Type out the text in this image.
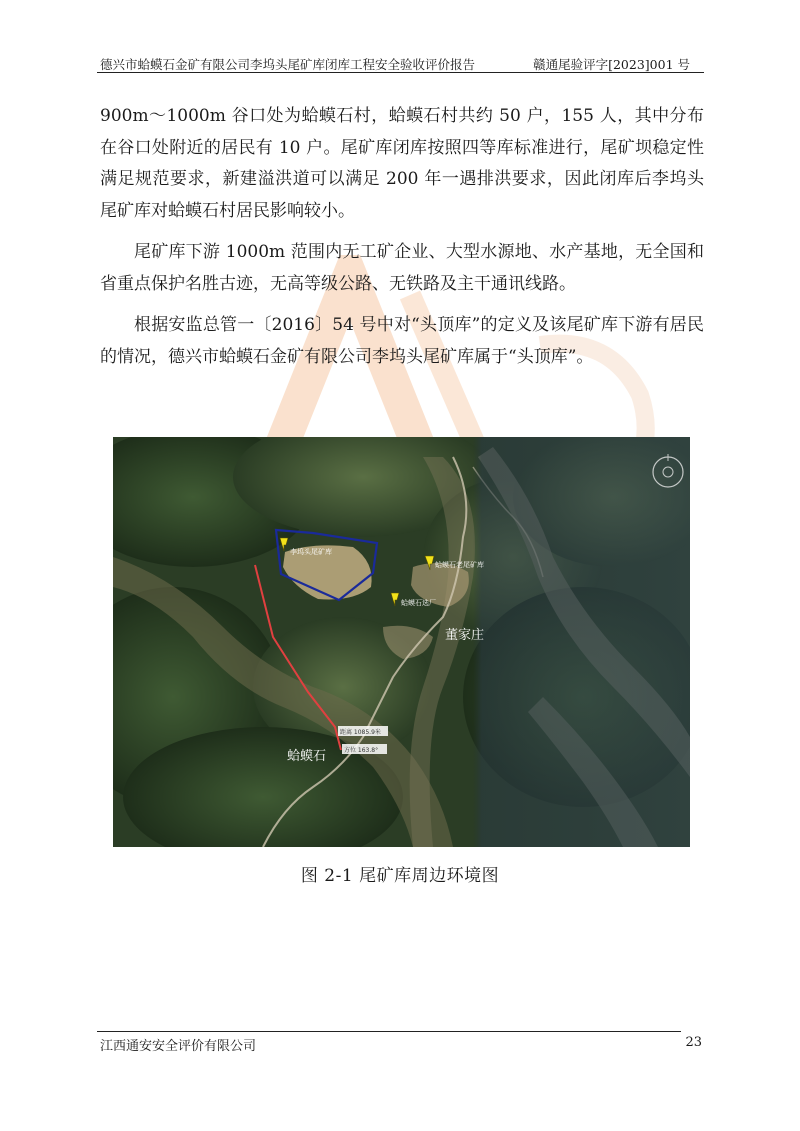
德兴市蛤蟆石金矿有限公司李坞头尾矿库闭库工程安全验收评价报告	赣通尾验评字[2023]001 号

900m～1000m 谷口处为蛤蟆石村，蛤蟆石村共约 50 户，155 人，其中分布在谷口处附近的居民有 10 户。尾矿库闭库按照四等库标准进行，尾矿坝稳定性满足规范要求，新建溢洪道可以满足 200 年一遇排洪要求，因此闭库后李坞头尾矿库对蛤蟆石村居民影响较小。

尾矿库下游 1000m 范围内无工矿企业、大型水源地、水产基地，无全国和省重点保护名胜古迹，无高等级公路、无铁路及主干通讯线路。

根据安监总管一〔2016〕54 号中对“头顶库”的定义及该尾矿库下游有居民的情况，德兴市蛤蟆石金矿有限公司李坞头尾矿库属于“头顶库”。

李坞头尾矿库
蛤蟆石老尾矿库
蛤蟆石选厂
董家庄
蛤蟆石
距离 1085.9米
方位 163.8°
图 2-1 尾矿库周边环境图
江西通安安全评价有限公司	23
